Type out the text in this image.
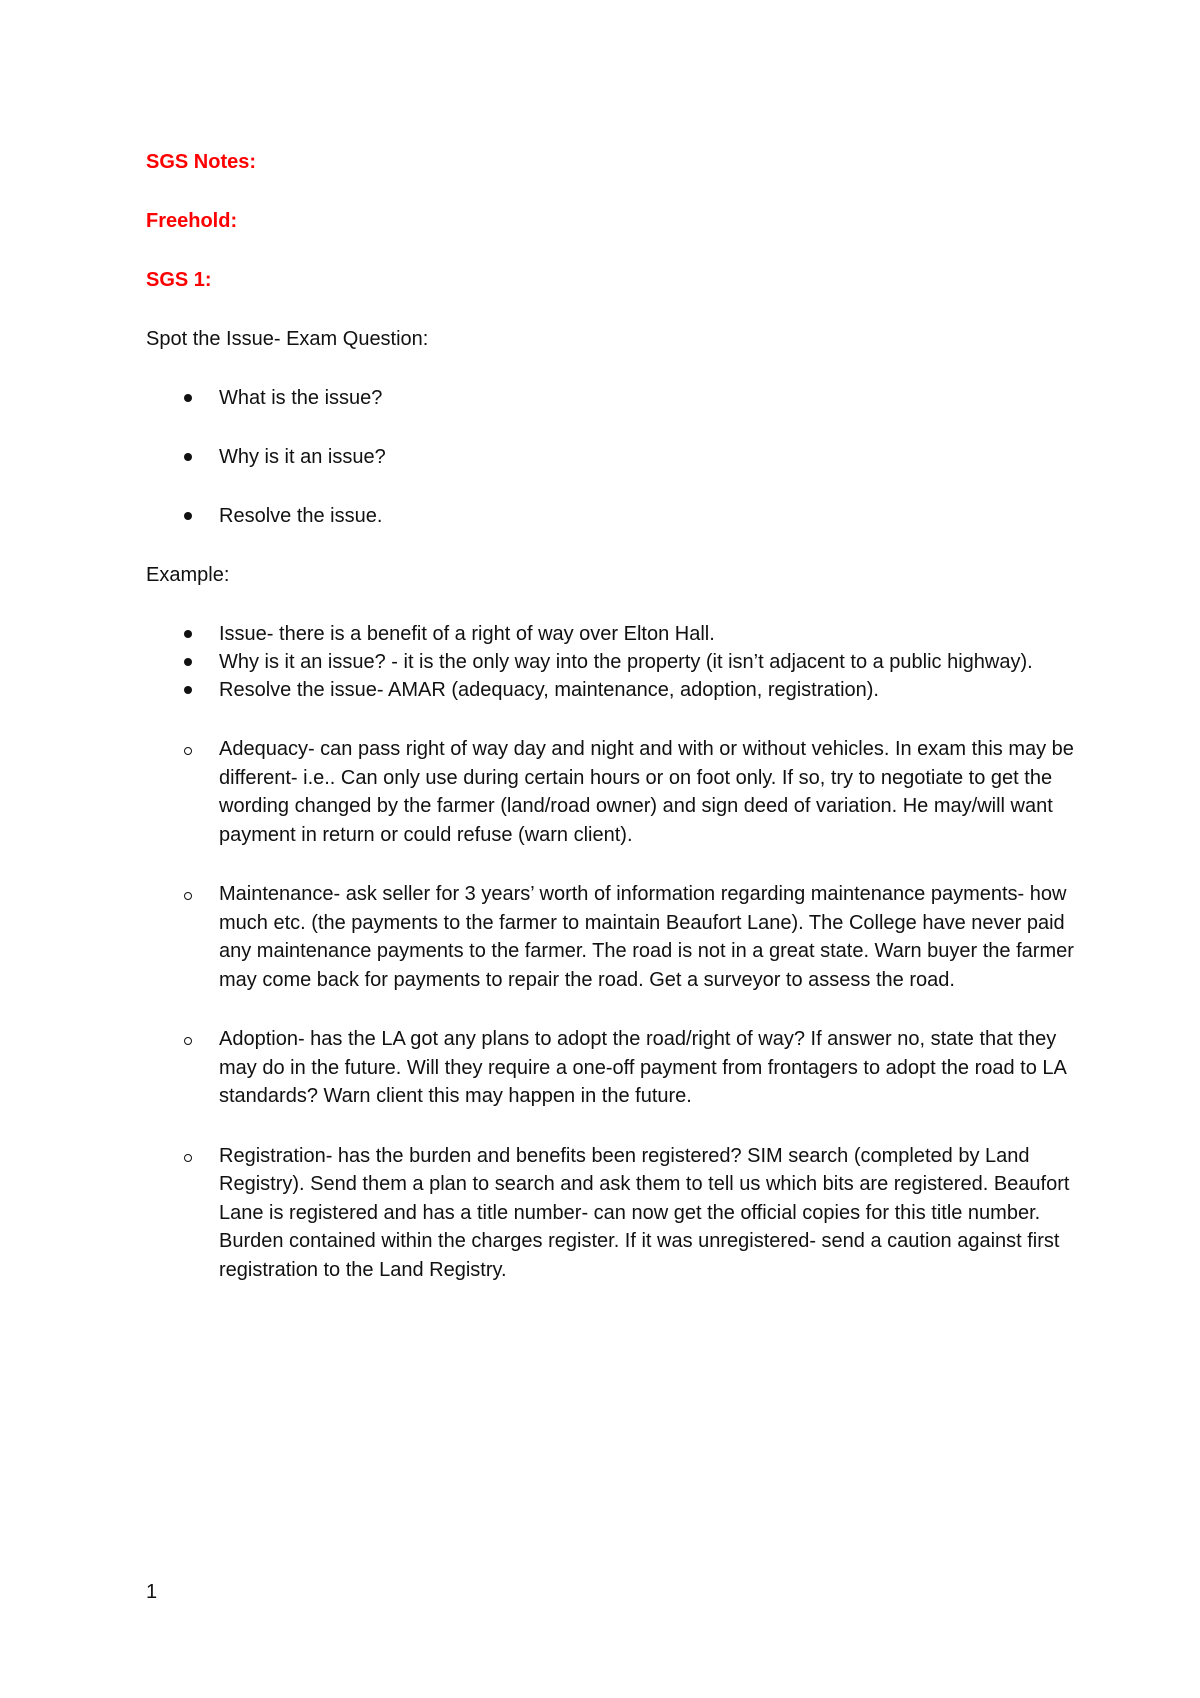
SGS Notes:
Freehold:
SGS 1:
Spot the Issue- Exam Question:
What is the issue?
Why is it an issue?
Resolve the issue.
Example:
Issue- there is a benefit of a right of way over Elton Hall.
Why is it an issue? - it is the only way into the property (it isn’t adjacent to a public highway).
Resolve the issue- AMAR (adequacy, maintenance, adoption, registration).
Adequacy- can pass right of way day and night and with or without vehicles. In exam this may be different- i.e.. Can only use during certain hours or on foot only. If so, try to negotiate to get the wording changed by the farmer (land/road owner) and sign deed of variation. He may/will want payment in return or could refuse (warn client).
Maintenance- ask seller for 3 years’ worth of information regarding maintenance payments- how much etc. (the payments to the farmer to maintain Beaufort Lane). The College have never paid any maintenance payments to the farmer. The road is not in a great state. Warn buyer the farmer may come back for payments to repair the road. Get a surveyor to assess the road.
Adoption- has the LA got any plans to adopt the road/right of way? If answer no, state that they may do in the future. Will they require a one-off payment from frontagers to adopt the road to LA standards? Warn client this may happen in the future.
Registration- has the burden and benefits been registered? SIM search (completed by Land Registry). Send them a plan to search and ask them to tell us which bits are registered. Beaufort Lane is registered and has a title number- can now get the official copies for this title number. Burden contained within the charges register. If it was unregistered- send a caution against first registration to the Land Registry.
1
